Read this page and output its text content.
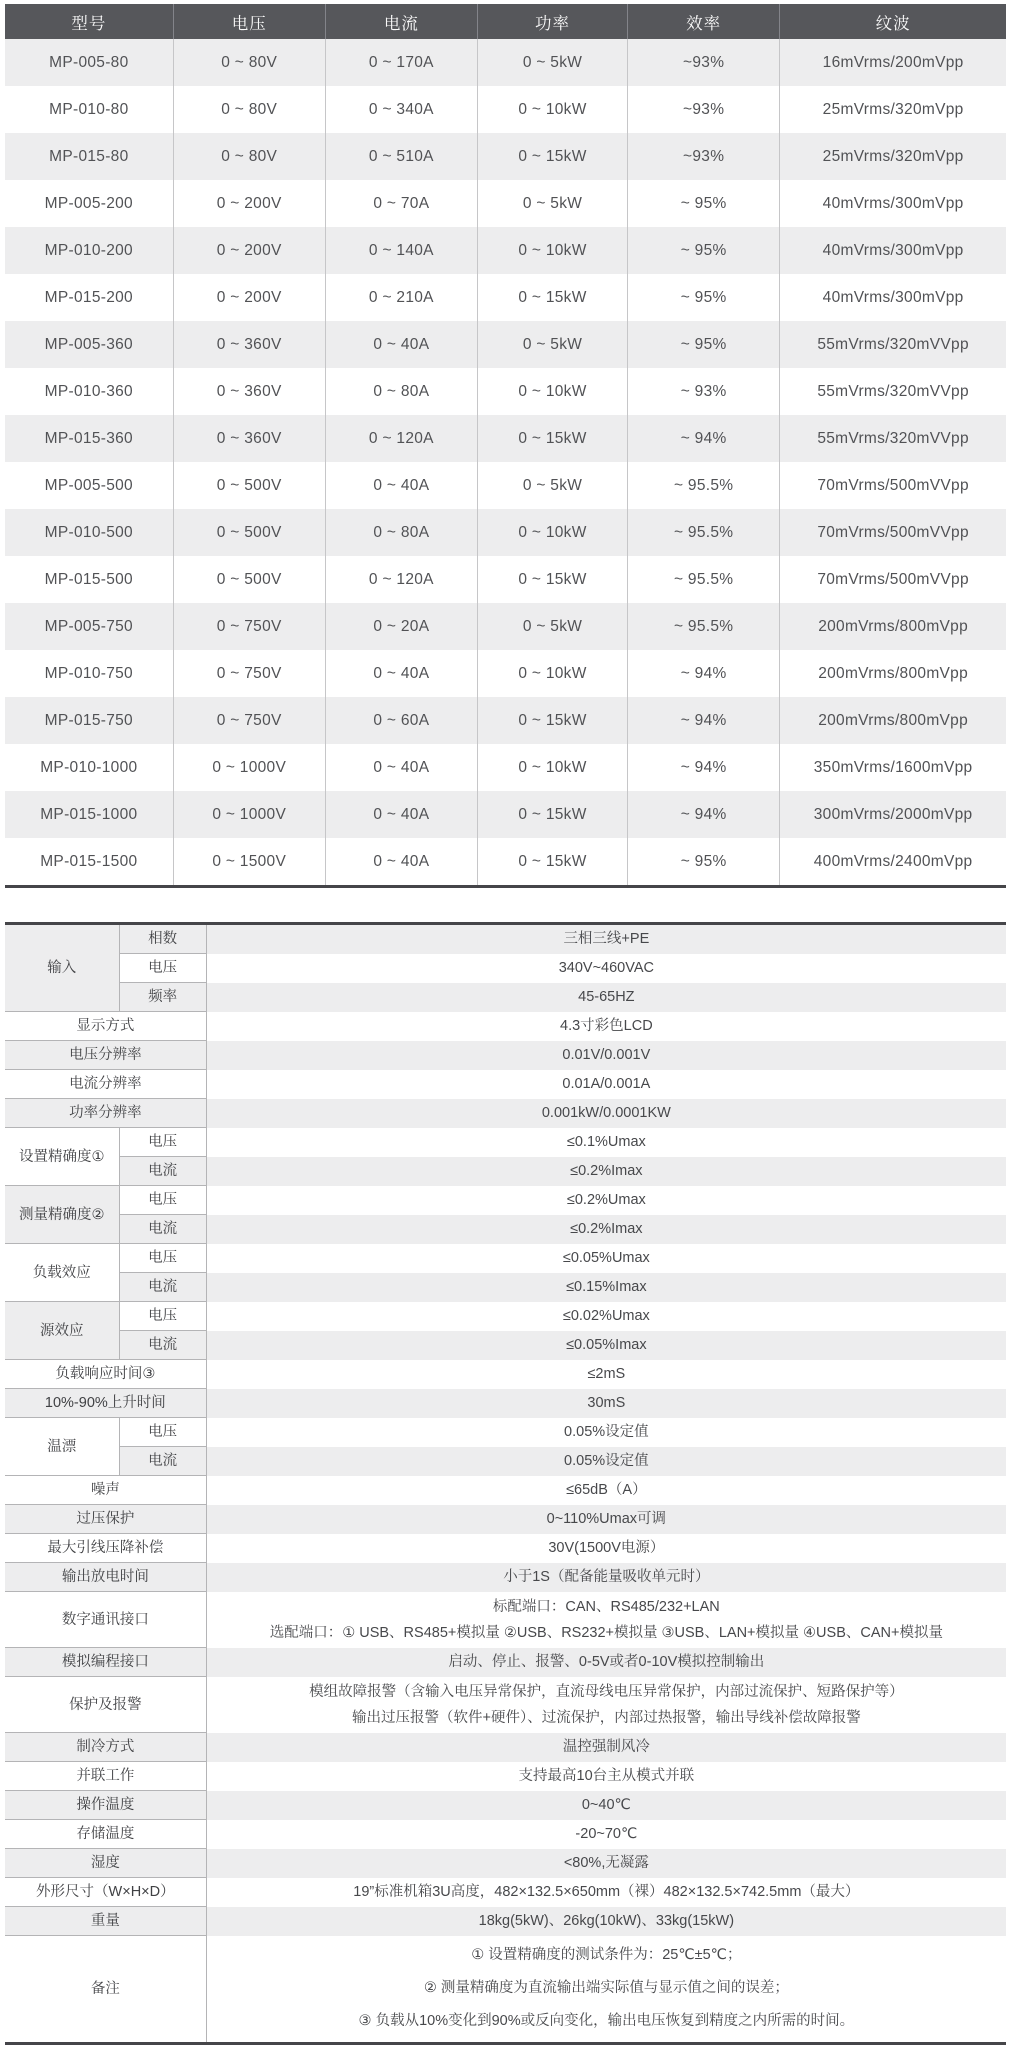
型号	电压	电流	功率	效率	纹波
MP-005-80	0 ~ 80V	0 ~ 170A	0 ~ 5kW	~93%	16mVrms/200mVpp
MP-010-80	0 ~ 80V	0 ~ 340A	0 ~ 10kW	~93%	25mVrms/320mVpp
MP-015-80	0 ~ 80V	0 ~ 510A	0 ~ 15kW	~93%	25mVrms/320mVpp
MP-005-200	0 ~ 200V	0 ~ 70A	0 ~ 5kW	~ 95%	40mVrms/300mVpp
MP-010-200	0 ~ 200V	0 ~ 140A	0 ~ 10kW	~ 95%	40mVrms/300mVpp
MP-015-200	0 ~ 200V	0 ~ 210A	0 ~ 15kW	~ 95%	40mVrms/300mVpp
MP-005-360	0 ~ 360V	0 ~ 40A	0 ~ 5kW	~ 95%	55mVrms/320mVVpp
MP-010-360	0 ~ 360V	0 ~ 80A	0 ~ 10kW	~ 93%	55mVrms/320mVVpp
MP-015-360	0 ~ 360V	0 ~ 120A	0 ~ 15kW	~ 94%	55mVrms/320mVVpp
MP-005-500	0 ~ 500V	0 ~ 40A	0 ~ 5kW	~ 95.5%	70mVrms/500mVVpp
MP-010-500	0 ~ 500V	0 ~ 80A	0 ~ 10kW	~ 95.5%	70mVrms/500mVVpp
MP-015-500	0 ~ 500V	0 ~ 120A	0 ~ 15kW	~ 95.5%	70mVrms/500mVVpp
MP-005-750	0 ~ 750V	0 ~ 20A	0 ~ 5kW	~ 95.5%	200mVrms/800mVpp
MP-010-750	0 ~ 750V	0 ~ 40A	0 ~ 10kW	~ 94%	200mVrms/800mVpp
MP-015-750	0 ~ 750V	0 ~ 60A	0 ~ 15kW	~ 94%	200mVrms/800mVpp
MP-010-1000	0 ~ 1000V	0 ~ 40A	0 ~ 10kW	~ 94%	350mVrms/1600mVpp
MP-015-1000	0 ~ 1000V	0 ~ 40A	0 ~ 15kW	~ 94%	300mVrms/2000mVpp
MP-015-1500	0 ~ 1500V	0 ~ 40A	0 ~ 15kW	~ 95%	400mVrms/2400mVpp
输入	相数	三相三线+PE
	电压	340V~460VAC
	频率	45-65HZ
显示方式		4.3寸彩色LCD
电压分辨率		0.01V/0.001V
电流分辨率		0.01A/0.001A
功率分辨率		0.001kW/0.0001KW
设置精确度①	电压	≤0.1%Umax
	电流	≤0.2%Imax
测量精确度②	电压	≤0.2%Umax
	电流	≤0.2%Imax
负载效应	电压	≤0.05%Umax
	电流	≤0.15%Imax
源效应	电压	≤0.02%Umax
	电流	≤0.05%Imax
负载响应时间③		≤2mS
10%-90%上升时间		30mS
温漂	电压	0.05%设定值
	电流	0.05%设定值
噪声		≤65dB（A）
过压保护		0~110%Umax可调
最大引线压降补偿		30V(1500V电源）
输出放电时间		小于1S（配备能量吸收单元时）
数字通讯接口		标配端口：CAN、RS485/232+LAN
选配端口：① USB、RS485+模拟量 ②USB、RS232+模拟量 ③USB、LAN+模拟量 ④USB、CAN+模拟量

模拟编程接口		启动、停止、报警、0-5V或者0-10V模拟控制输出
保护及报警		模组故障报警（含输入电压异常保护，直流母线电压异常保护，内部过流保护、短路保护等）
输出过压报警（软件+硬件）、过流保护，内部过热报警，输出导线补偿故障报警

制冷方式		温控强制风冷
并联工作		支持最高10台主从模式并联
操作温度		0~40℃
存储温度		-20~70℃
湿度		<80%,无凝露
外形尺寸（W×H×D）		19”标准机箱3U高度，482×132.5×650mm（裸）482×132.5×742.5mm（最大）
重量		18kg(5kW)、26kg(10kW)、33kg(15kW)
备注		① 设置精确度的测试条件为：25℃±5℃；
② 测量精确度为直流输出端实际值与显示值之间的误差；
③ 负载从10%变化到90%或反向变化，输出电压恢复到精度之内所需的时间。
